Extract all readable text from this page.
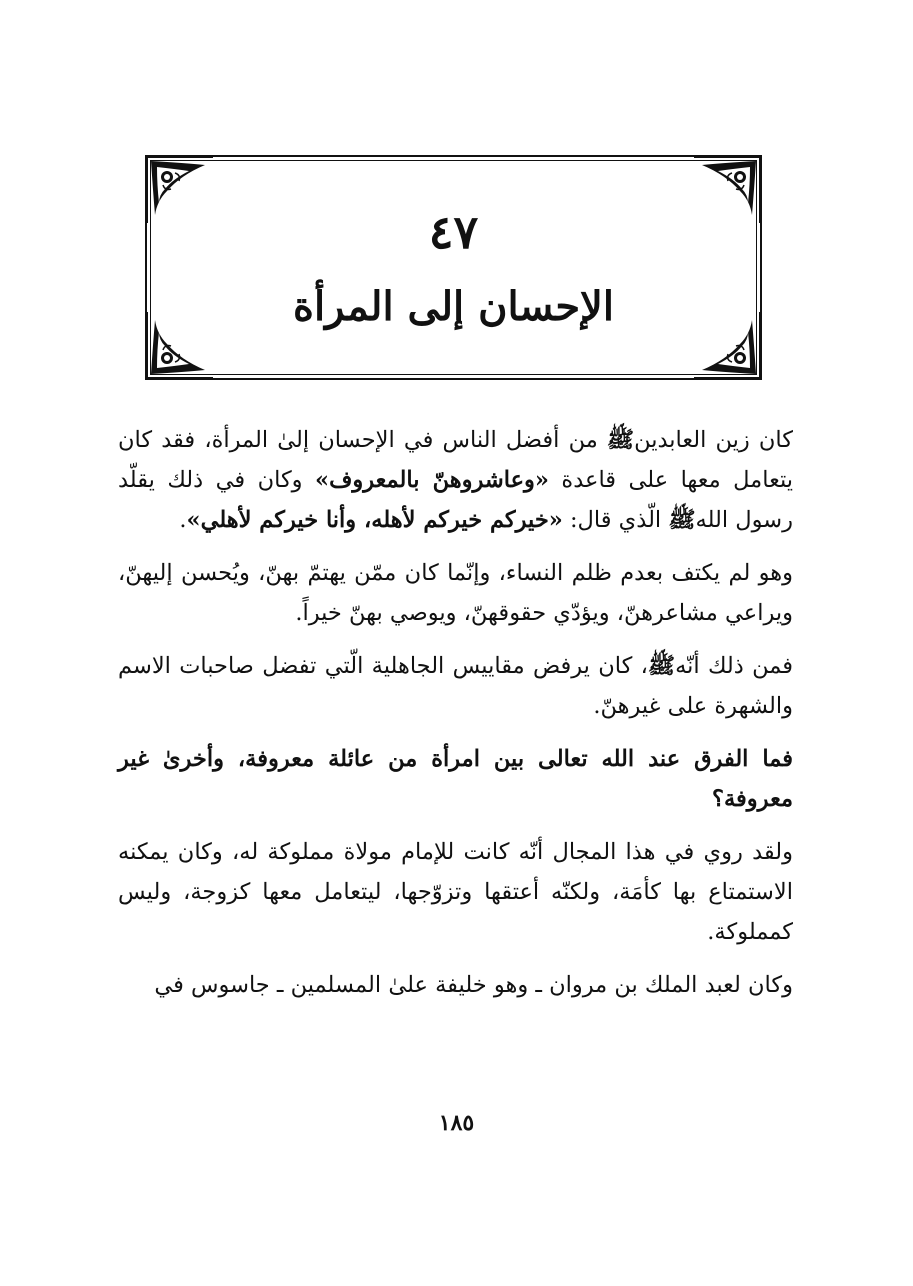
٤٧
الإحسان إلى المرأة

كان زين العابدينﷺ من أفضل الناس في الإحسان إلىٰ المرأة، فقد كان يتعامل معها على قاعدة «وعاشروهنّ بالمعروف» وكان في ذلك يقلّد رسول اللهﷺ الّذي قال: «خيركم خيركم لأهله، وأنا خيركم لأهلي».

وهو لم يكتف بعدم ظلم النساء، وإنّما كان ممّن يهتمّ بهنّ، ويُحسن إليهنّ، ويراعي مشاعرهنّ، ويؤدّي حقوقهنّ، ويوصي بهنّ خيراً.

فمن ذلك أنّهﷺ، كان يرفض مقاييس الجاهلية الّتي تفضل صاحبات الاسم والشهرة على غيرهنّ.

فما الفرق عند الله تعالى بين امرأة من عائلة معروفة، وأخرىٰ غير معروفة؟

ولقد روي في هذا المجال أنّه كانت للإمام مولاة مملوكة له، وكان يمكنه الاستمتاع بها كأمَة، ولكنّه أعتقها وتزوّجها، ليتعامل معها كزوجة، وليس كمملوكة.

وكان لعبد الملك بن مروان ـ وهو خليفة علىٰ المسلمين ـ جاسوس في

١٨٥
